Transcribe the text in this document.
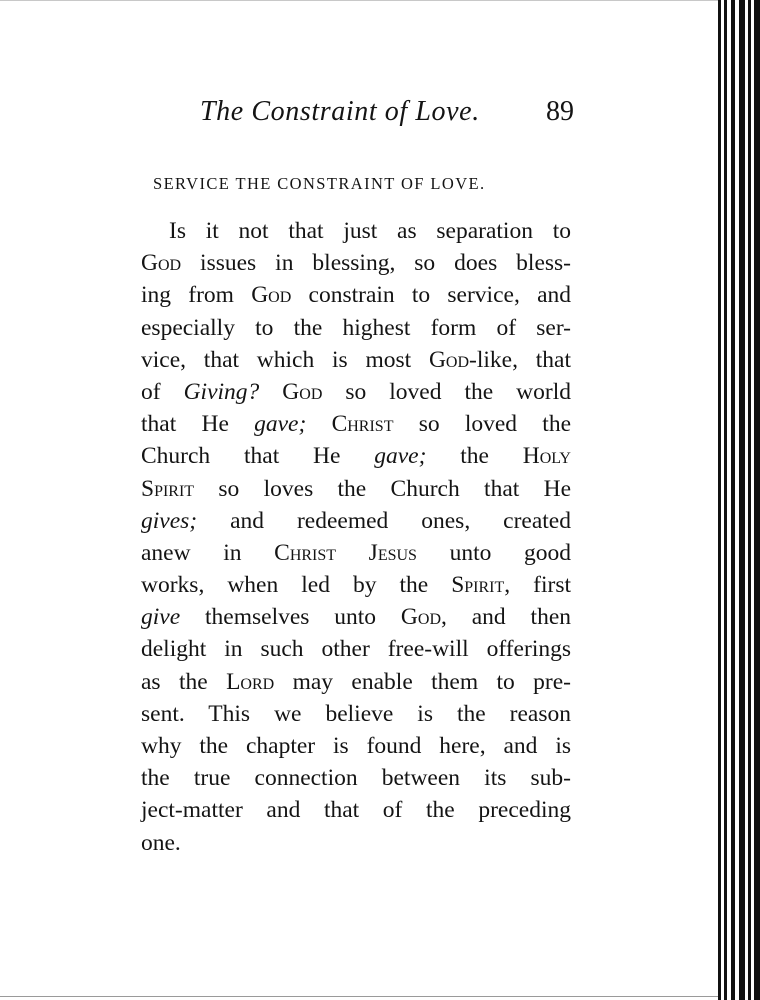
The Constraint of Love. 89
SERVICE THE CONSTRAINT OF LOVE.
Is it not that just as separation to
God issues in blessing, so does bless-
ing from God constrain to service, and
especially to the highest form of ser-
vice, that which is most God-like, that
of Giving? God so loved the world
that He gave; Christ so loved the
Church that He gave; the Holy
Spirit so loves the Church that He
gives; and redeemed ones, created
anew in Christ Jesus unto good
works, when led by the Spirit, first
give themselves unto God, and then
delight in such other free-will offerings
as the Lord may enable them to pre-
sent. This we believe is the reason
why the chapter is found here, and is
the true connection between its sub-
ject-matter and that of the preceding
one.
